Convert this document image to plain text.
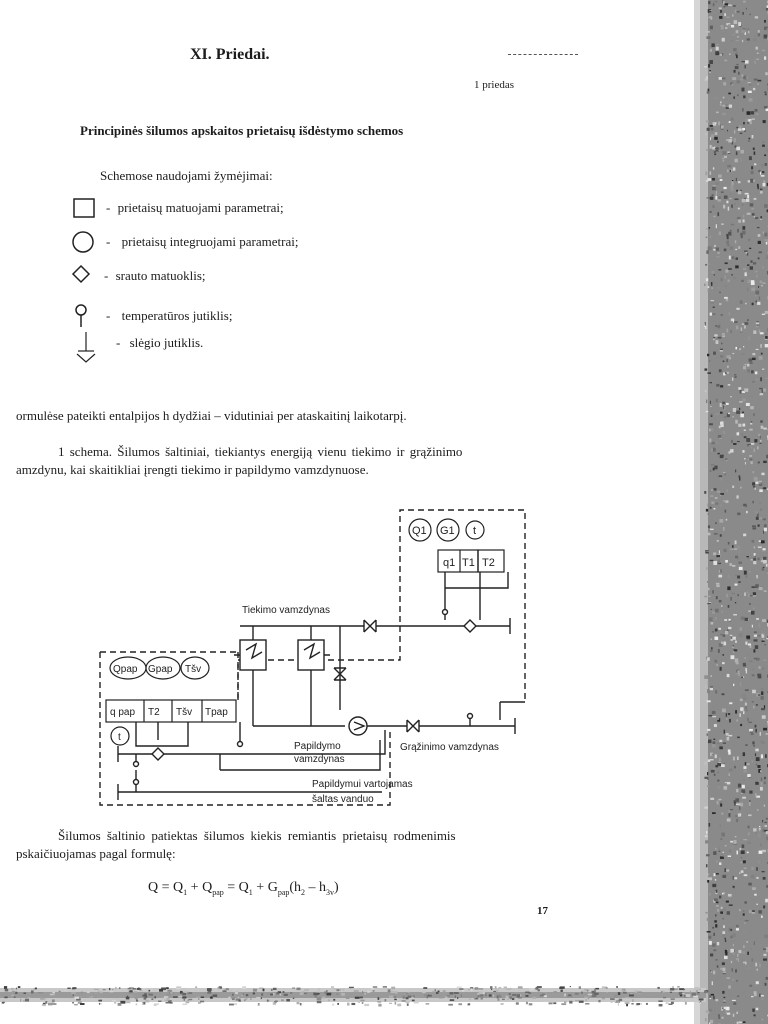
XI. Priedai.
1 priedas
Principinės šilumos apskaitos prietaisų išdėstymo schemos
Schemose naudojami žymėjimai:
- prietaisų matuojami parametrai;
- prietaisų integruojami parametrai;
- srauto matuoklis;
- temperatūros jutiklis;
- slėgio jutiklis.
ormulėse pateikti entalpijos h dydžiai – vidutiniai per ataskaitinį laikotarpį.
1 schema. Šilumos šaltiniai, tiekiantys energiją vienu tiekimo ir grąžinimo
amzdynu, kai skaitikliai įrengti tiekimo ir papildymo vamzdynuose.
Q1 G1 t
q1 T1 T2
Tiekimo vamzdynas
Grąžinimo vamzdynas
Qpap Gpap Tšv
q pap T2 Tšv Tpap
t
Papildymo
vamzdynas
Papildymui vartojamas
šaltas vanduo
Šilumos šaltinio patiektas šilumos kiekis remiantis prietaisų rodmenimis
pskaičiuojamas pagal formulę:
$Q = Q_1 + Q_{pap} = Q_1 + G_{pap}(h_2 - h_{3v})$
17
